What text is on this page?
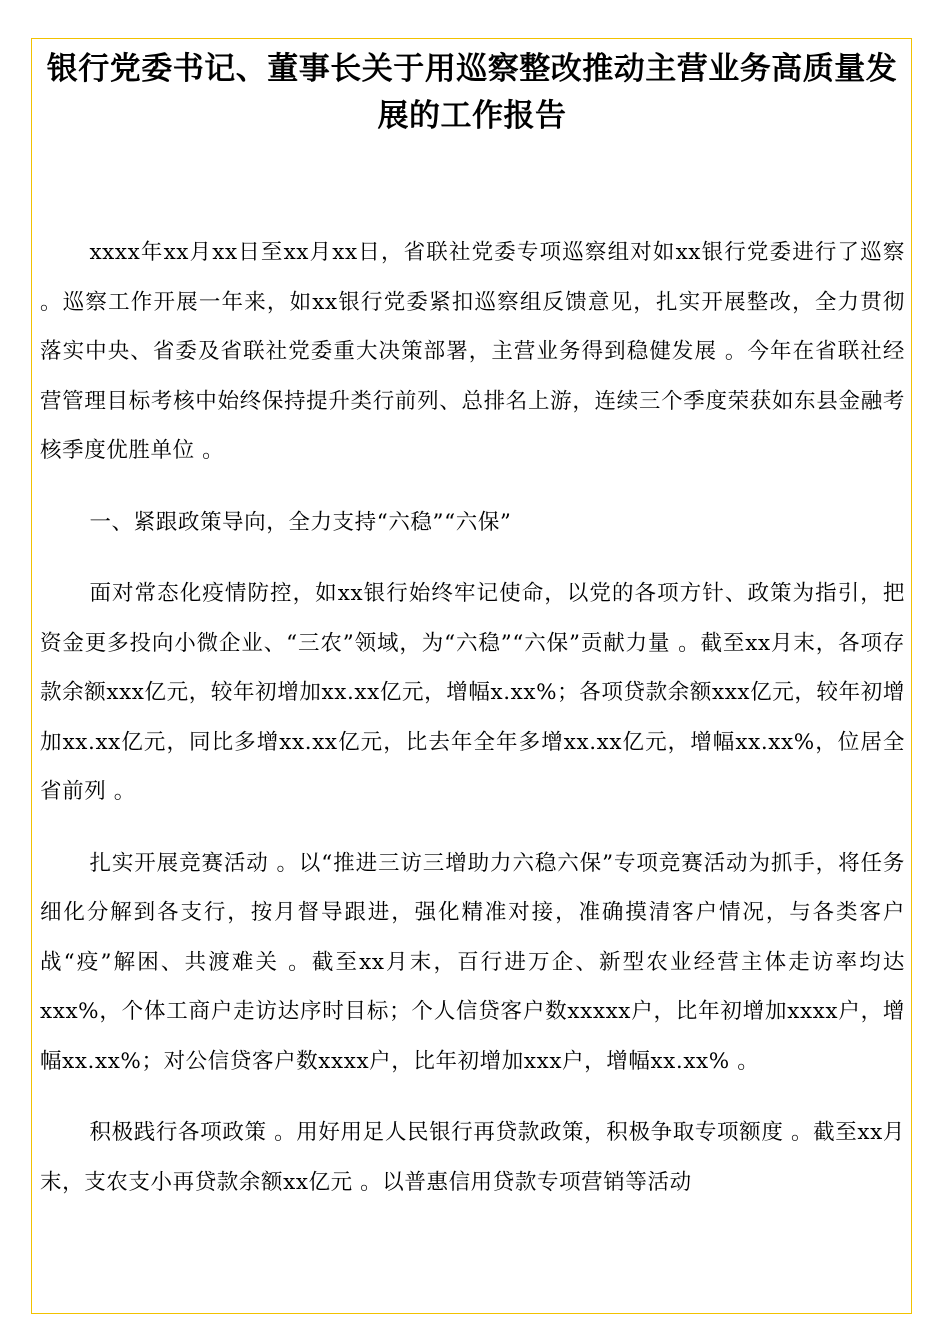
银行党委书记、董事长关于用巡察整改推动主营业务高质量发展的工作报告

xxxx年xx月xx日至xx月xx日，省联社党委专项巡察组对如xx银行党委进行了巡察 。巡察工作开展一年来，如xx银行党委紧扣巡察组反馈意见，扎实开展整改，全力贯彻落实中央、省委及省联社党委重大决策部署，主营业务得到稳健发展 。今年在省联社经营管理目标考核中始终保持提升类行前列、总排名上游，连续三个季度荣获如东县金融考核季度优胜单位 。

一、紧跟政策导向，全力支持“六稳”“六保”

面对常态化疫情防控，如xx银行始终牢记使命，以党的各项方针、政策为指引，把资金更多投向小微企业、“三农”领域，为“六稳”“六保”贡献力量 。截至xx月末，各项存款余额xxx亿元，较年初增加xx.xx亿元，增幅x.xx%；各项贷款余额xxx亿元，较年初增加xx.xx亿元，同比多增xx.xx亿元，比去年全年多增xx.xx亿元，增幅xx.xx%，位居全省前列 。

扎实开展竞赛活动 。以“推进三访三增助力六稳六保”专项竞赛活动为抓手，将任务细化分解到各支行，按月督导跟进，强化精准对接，准确摸清客户情况，与各类客户战“疫”解困、共渡难关 。截至xx月末，百行进万企、新型农业经营主体走访率均达xxx%，个体工商户走访达序时目标；个人信贷客户数xxxxx户，比年初增加xxxx户，增幅xx.xx%；对公信贷客户数xxxx户，比年初增加xxx户，增幅xx.xx% 。

积极践行各项政策 。用好用足人民银行再贷款政策，积极争取专项额度 。截至xx月末，支农支小再贷款余额xx亿元 。以普惠信用贷款专项营销等活动
